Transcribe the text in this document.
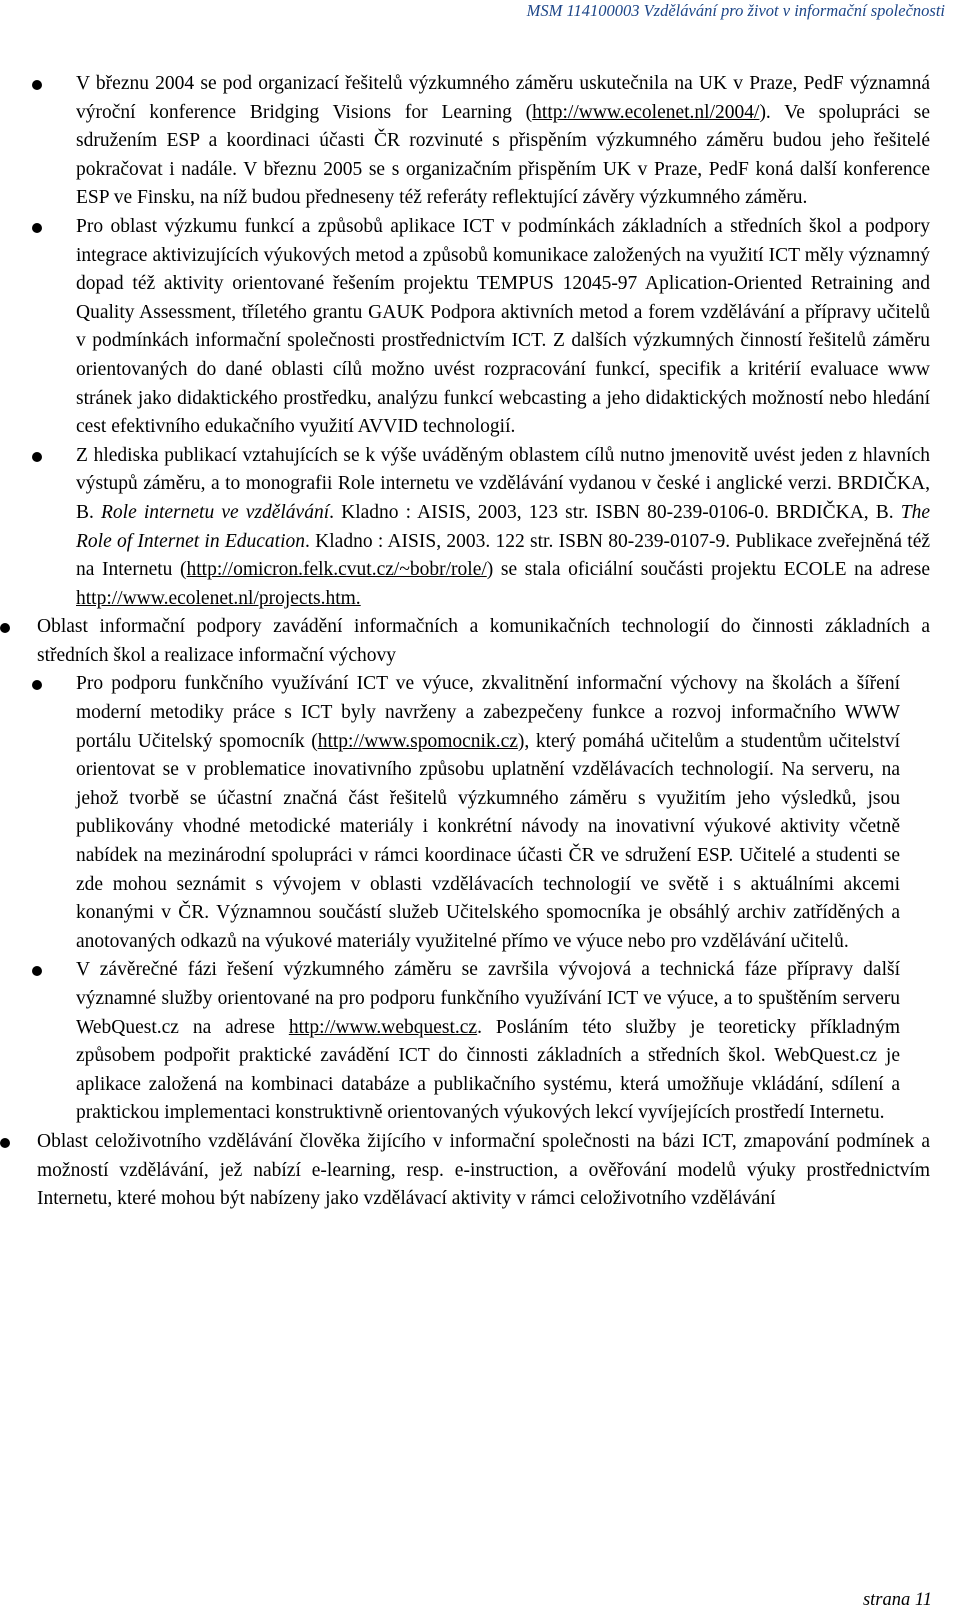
MSM 114100003 Vzdělávání pro život v informační společnosti

V březnu 2004 se pod organizací řešitelů výzkumného záměru uskutečnila na UK v Praze, PedF významná výroční konference Bridging Visions for Learning (http://www.ecolenet.nl/2004/). Ve spolupráci se sdružením ESP a koordinaci účasti ČR rozvinuté s přispěním výzkumného záměru budou jeho řešitelé pokračovat i nadále. V březnu 2005 se s organizačním přispěním UK v Praze, PedF koná další konference ESP ve Finsku, na níž budou předneseny též referáty reflektující závěry výzkumného záměru.

Pro oblast výzkumu funkcí a způsobů aplikace ICT v podmínkách základních a středních škol a podpory integrace aktivizujících výukových metod a způsobů komunikace založených na využití ICT měly významný dopad též aktivity orientované řešením projektu TEMPUS 12045-97 Aplication-Oriented Retraining and Quality Assessment, tříletého grantu GAUK Podpora aktivních metod a forem vzdělávání a přípravy učitelů v podmínkách informační společnosti prostřednictvím ICT. Z dalších výzkumných činností řešitelů záměru orientovaných do dané oblasti cílů možno uvést rozpracování funkcí, specifik a kritérií evaluace www stránek jako didaktického prostředku, analýzu funkcí webcasting a jeho didaktických možností nebo hledání cest efektivního edukačního využití AVVID technologií.

Z hlediska publikací vztahujících se k výše uváděným oblastem cílů nutno jmenovitě uvést jeden z hlavních výstupů záměru, a to monografii Role internetu ve vzdělávání vydanou v české i anglické verzi. BRDIČKA, B. Role internetu ve vzdělávání. Kladno : AISIS, 2003, 123 str. ISBN 80-239-0106-0. BRDIČKA, B. The Role of Internet in Education. Kladno : AISIS, 2003. 122 str. ISBN 80-239-0107-9. Publikace zveřejněná též na Internetu (http://omicron.felk.cvut.cz/~bobr/role/) se stala oficiální součásti projektu ECOLE na adrese http://www.ecolenet.nl/projects.htm.

Oblast informační podpory zavádění informačních a komunikačních technologií do činnosti základních a středních škol a realizace informační výchovy

Pro podporu funkčního využívání ICT ve výuce, zkvalitnění informační výchovy na školách a šíření moderní metodiky práce s ICT byly navrženy a zabezpečeny funkce a rozvoj informačního WWW portálu Učitelský spomocník (http://www.spomocnik.cz), který pomáhá učitelům a studentům učitelství orientovat se v problematice inovativního způsobu uplatnění vzdělávacích technologií. Na serveru, na jehož tvorbě se účastní značná část řešitelů výzkumného záměru s využitím jeho výsledků, jsou publikovány vhodné metodické materiály i konkrétní návody na inovativní výukové aktivity včetně nabídek na mezinárodní spolupráci v rámci koordinace účasti ČR ve sdružení ESP. Učitelé a studenti se zde mohou seznámit s vývojem v oblasti vzdělávacích technologií ve světě i s aktuálními akcemi konanými v ČR. Významnou součástí služeb Učitelského spomocníka je obsáhlý archiv zatříděných a anotovaných odkazů na výukové materiály využitelné přímo ve výuce nebo pro vzdělávání učitelů.

V závěrečné fázi řešení výzkumného záměru se završila vývojová a technická fáze přípravy další významné služby orientované na pro podporu funkčního využívání ICT ve výuce, a to spuštěním serveru WebQuest.cz na adrese http://www.webquest.cz. Posláním této služby je teoreticky příkladným způsobem podpořit praktické zavádění ICT do činnosti základních a středních škol. WebQuest.cz je aplikace založená na kombinaci databáze a publikačního systému, která umožňuje vkládání, sdílení a praktickou implementaci konstruktivně orientovaných výukových lekcí vyvíjejících prostředí Internetu.

Oblast celoživotního vzdělávání člověka žijícího v informační společnosti na bázi ICT, zmapování podmínek a možností vzdělávání, jež nabízí e-learning, resp. e-instruction, a ověřování modelů výuky prostřednictvím Internetu, které mohou být nabízeny jako vzdělávací aktivity v rámci celoživotního vzdělávání

strana 11
